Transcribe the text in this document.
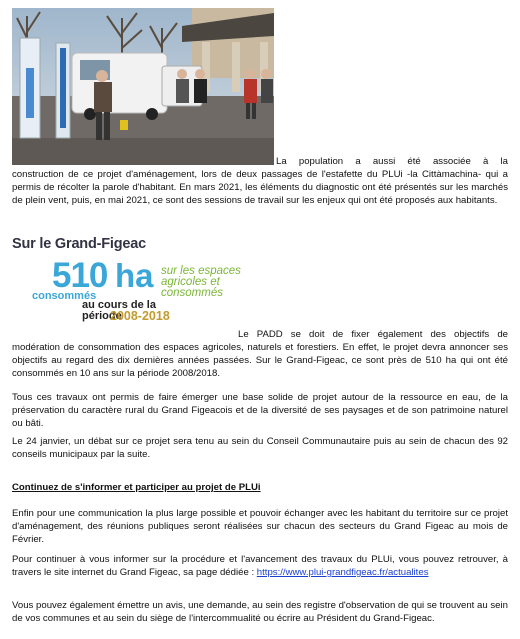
La population a aussi été associée à la
construction de ce projet d'aménagement, lors de deux passages de l'estafette du PLUi -la Cittàmachina- qui a permis de récolter la parole d'habitant. En mars 2021, les éléments du diagnostic ont été présentés sur les marchés de plein vent, puis, en mai 2021, ce sont des sessions de travail sur les enjeux qui ont été proposés aux habitants.
Sur le Grand-Figeac
510 ha sur les espaces agricoles et consommés
consommés
au cours de la période
2008-2018
Le PADD se doit de fixer également des objectifs de
modération de consommation des espaces agricoles, naturels et forestiers. En effet, le projet devra annoncer ses objectifs au regard des dix dernières années passées. Sur le Grand-Figeac, ce sont près de 510 ha qui ont été consommés en 10 ans sur la période 2008/2018.
Tous ces travaux ont permis de faire émerger une base solide de projet autour de la ressource en eau, de la préservation du caractère rural du Grand Figeacois et de la diversité de ses paysages et de son patrimoine naturel ou bâti.
Le 24 janvier, un débat sur ce projet sera tenu au sein du Conseil Communautaire puis au sein de chacun des 92 conseils municipaux par la suite.
Continuez de s'informer et participer au projet de PLUi
Enfin pour une communication la plus large possible et pouvoir échanger avec les habitant du territoire sur ce projet d'aménagement, des réunions publiques seront réalisées sur chacun des secteurs du Grand Figeac au mois de Février.
Pour continuer à vous informer sur la procédure et l'avancement des travaux du PLUi, vous pouvez retrouver, à travers le site internet du Grand Figeac, sa page dédiée : https://www.plui-grandfigeac.fr/actualites
Vous pouvez également émettre un avis, une demande, au sein des registre d'observation de qui se trouvent au sein de vos communes et au sein du siège de l'intercommualité ou écrire au Président du Grand-Figeac.
